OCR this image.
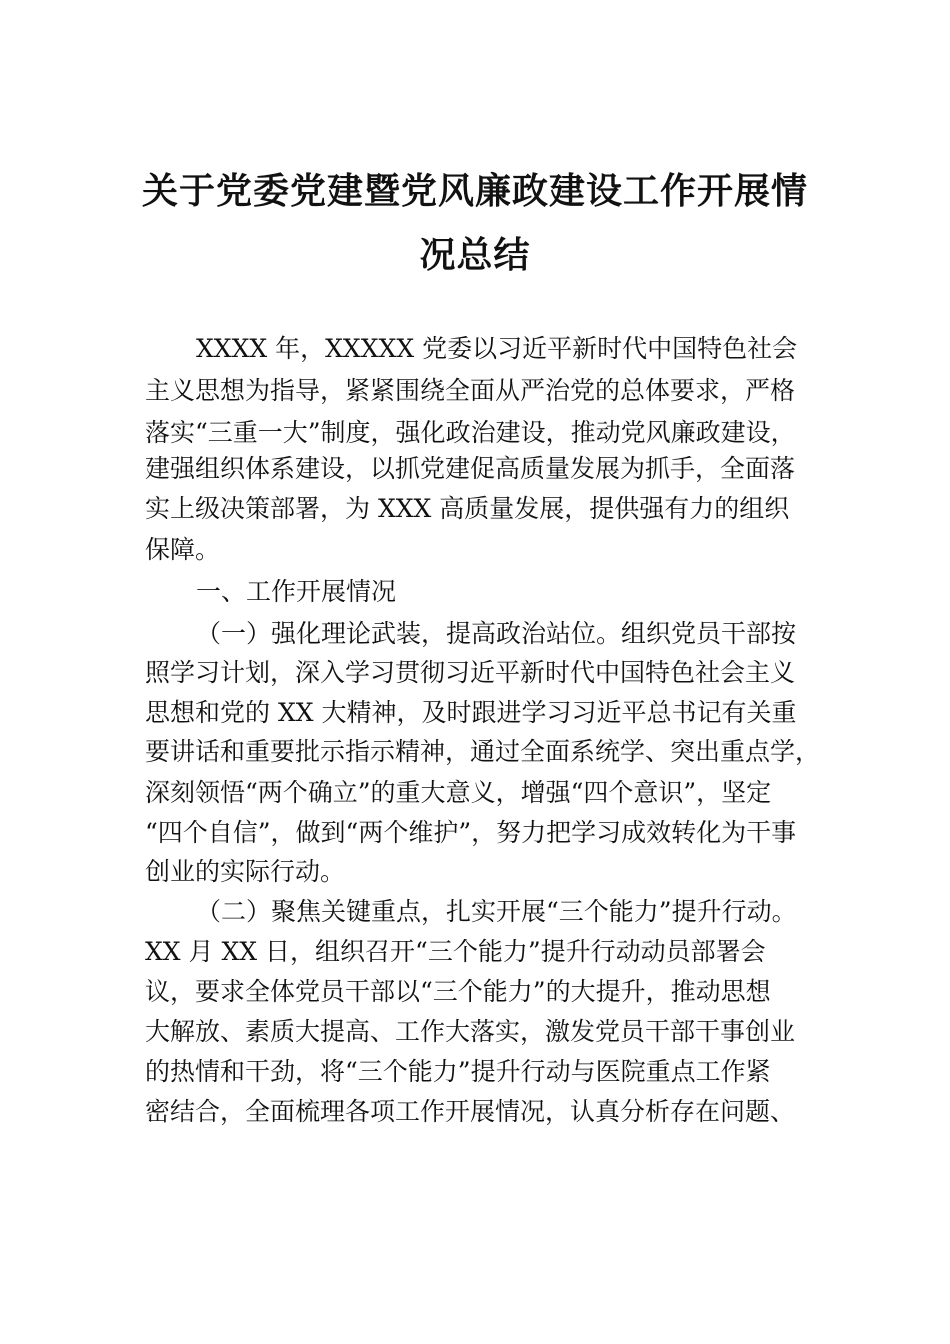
关于党委党建暨党风廉政建设工作开展情
况总结
XXXX 年，XXXXX 党委以习近平新时代中国特色社会
主义思想为指导，紧紧围绕全面从严治党的总体要求，严格
落实“三重一大”制度，强化政治建设，推动党风廉政建设，
建强组织体系建设，以抓党建促高质量发展为抓手，全面落
实上级决策部署，为 XXX 高质量发展，提供强有力的组织
保障。
一、工作开展情况
（一）强化理论武装，提高政治站位。组织党员干部按
照学习计划，深入学习贯彻习近平新时代中国特色社会主义
思想和党的 XX 大精神，及时跟进学习习近平总书记有关重
要讲话和重要批示指示精神，通过全面系统学、突出重点学，
深刻领悟“两个确立”的重大意义，增强“四个意识”，坚定
“四个自信”，做到“两个维护”，努力把学习成效转化为干事
创业的实际行动。
（二）聚焦关键重点，扎实开展“三个能力”提升行动。
XX 月 XX 日，组织召开“三个能力”提升行动动员部署会
议，要求全体党员干部以“三个能力”的大提升，推动思想
大解放、素质大提高、工作大落实，激发党员干部干事创业
的热情和干劲，将“三个能力”提升行动与医院重点工作紧
密结合，全面梳理各项工作开展情况，认真分析存在问题、
